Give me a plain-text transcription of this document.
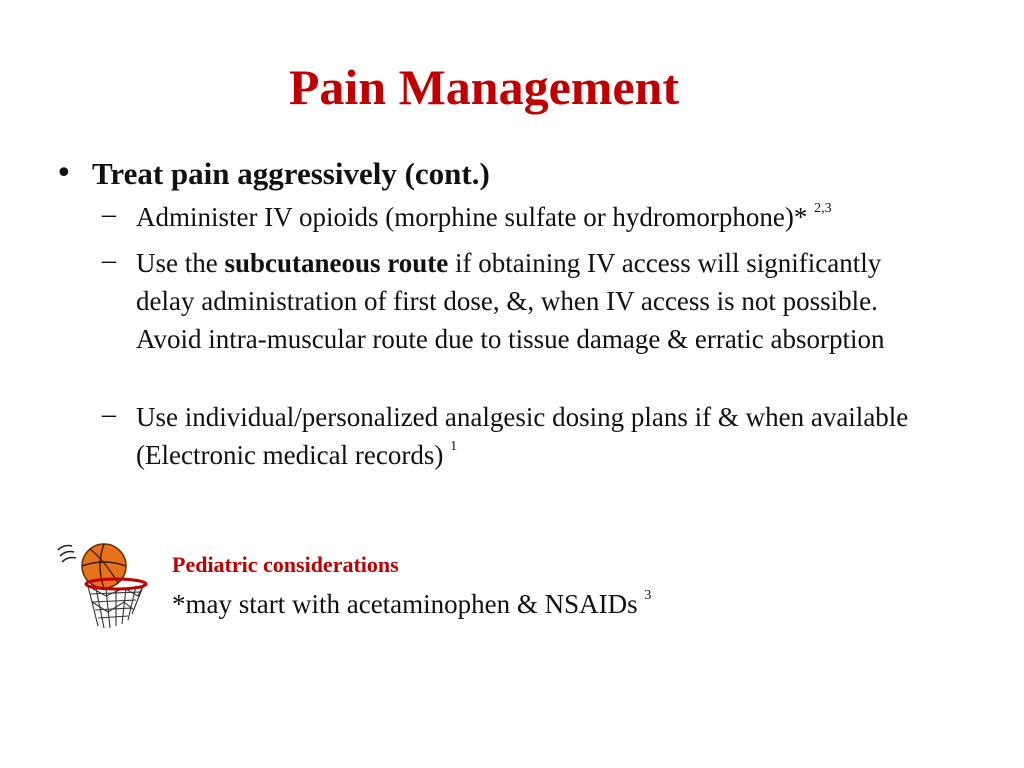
Pain Management
• Treat pain aggressively (cont.)
– Administer IV opioids (morphine sulfate or hydromorphone)* $^{2,3}$
– Use the subcutaneous route if obtaining IV access will significantly delay administration of first dose, &, when IV access is not possible. Avoid intra-muscular route due to tissue damage & erratic absorption
– Use individual/personalized analgesic dosing plans if & when available (Electronic medical records) $^1$
Pediatric considerations
*may start with acetaminophen & NSAIDs $^3$
